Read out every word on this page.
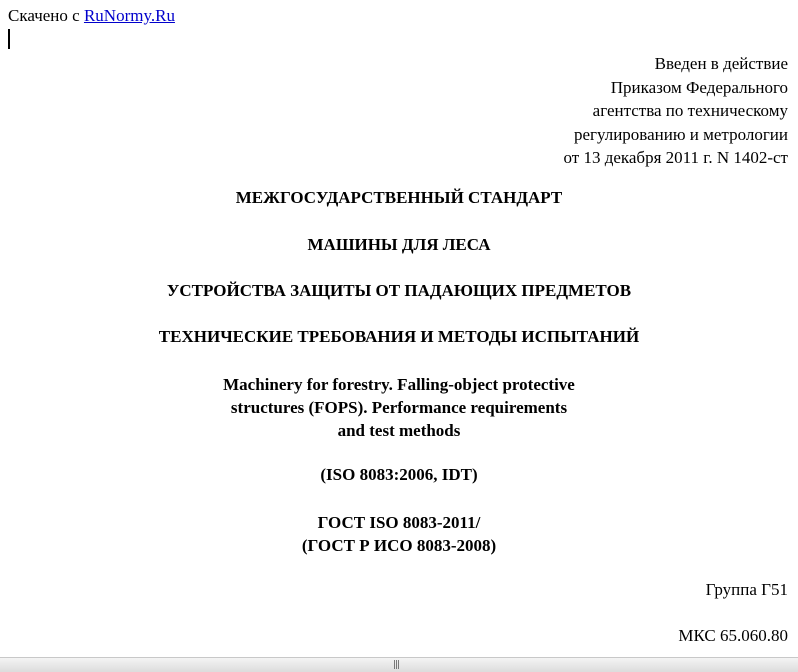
Скачено с RuNormy.Ru
Введен в действие
Приказом Федерального
агентства по техническому
регулированию и метрологии
от 13 декабря 2011 г. N 1402-ст
МЕЖГОСУДАРСТВЕННЫЙ СТАНДАРТ
МАШИНЫ ДЛЯ ЛЕСА
УСТРОЙСТВА ЗАЩИТЫ ОТ ПАДАЮЩИХ ПРЕДМЕТОВ
ТЕХНИЧЕСКИЕ ТРЕБОВАНИЯ И МЕТОДЫ ИСПЫТАНИЙ
Machinery for forestry. Falling-object protective
structures (FOPS). Performance requirements
and test methods
(ISO 8083:2006, IDT)
ГОСТ ISO 8083-2011/
(ГОСТ Р ИСО 8083-2008)
Группа Г51
МКС 65.060.80
|||
